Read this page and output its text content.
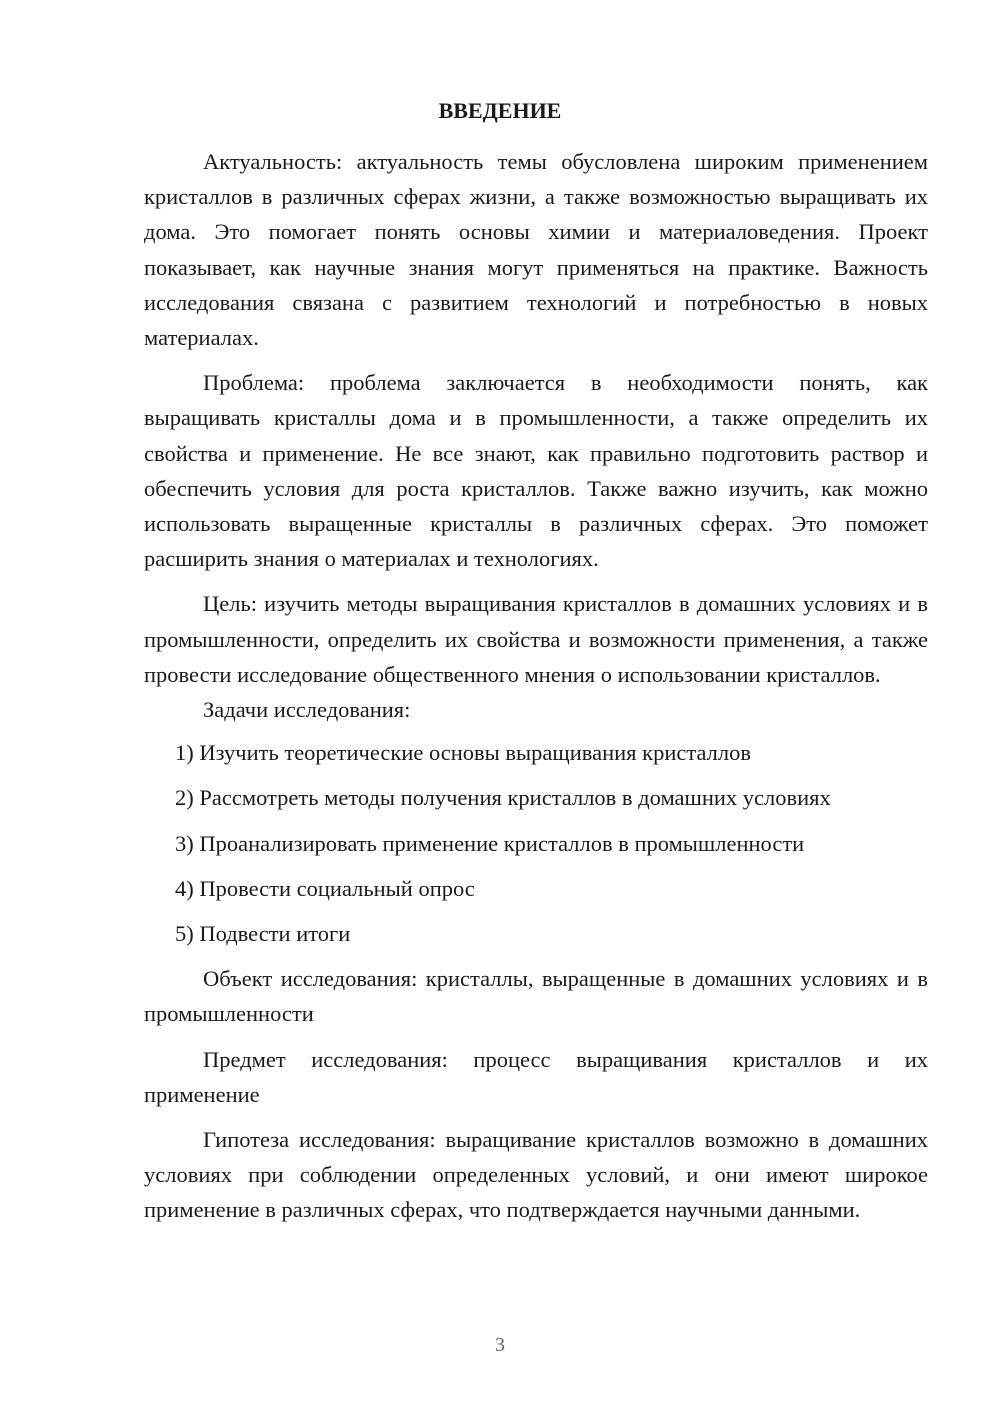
ВВЕДЕНИЕ

Актуальность: актуальность темы обусловлена широким применением кристаллов в различных сферах жизни, а также возможностью выращивать их дома. Это помогает понять основы химии и материаловедения. Проект показывает, как научные знания могут применяться на практике. Важность исследования связана с развитием технологий и потребностью в новых материалах.

Проблема: проблема заключается в необходимости понять, как выращивать кристаллы дома и в промышленности, а также определить их свойства и применение. Не все знают, как правильно подготовить раствор и обеспечить условия для роста кристаллов. Также важно изучить, как можно использовать выращенные кристаллы в различных сферах. Это поможет расширить знания о материалах и технологиях.

Цель: изучить методы выращивания кристаллов в домашних условиях и в промышленности, определить их свойства и возможности применения, а также провести исследование общественного мнения о использовании кристаллов.

Задачи исследования:

1) Изучить теоретические основы выращивания кристаллов
2) Рассмотреть методы получения кристаллов в домашних условиях
3) Проанализировать применение кристаллов в промышленности
4) Провести социальный опрос
5) Подвести итоги

Объект исследования: кристаллы, выращенные в домашних условиях и в промышленности

Предмет исследования: процесс выращивания кристаллов и их применение

Гипотеза исследования: выращивание кристаллов возможно в домашних условиях при соблюдении определенных условий, и они имеют широкое применение в различных сферах, что подтверждается научными данными.

3
